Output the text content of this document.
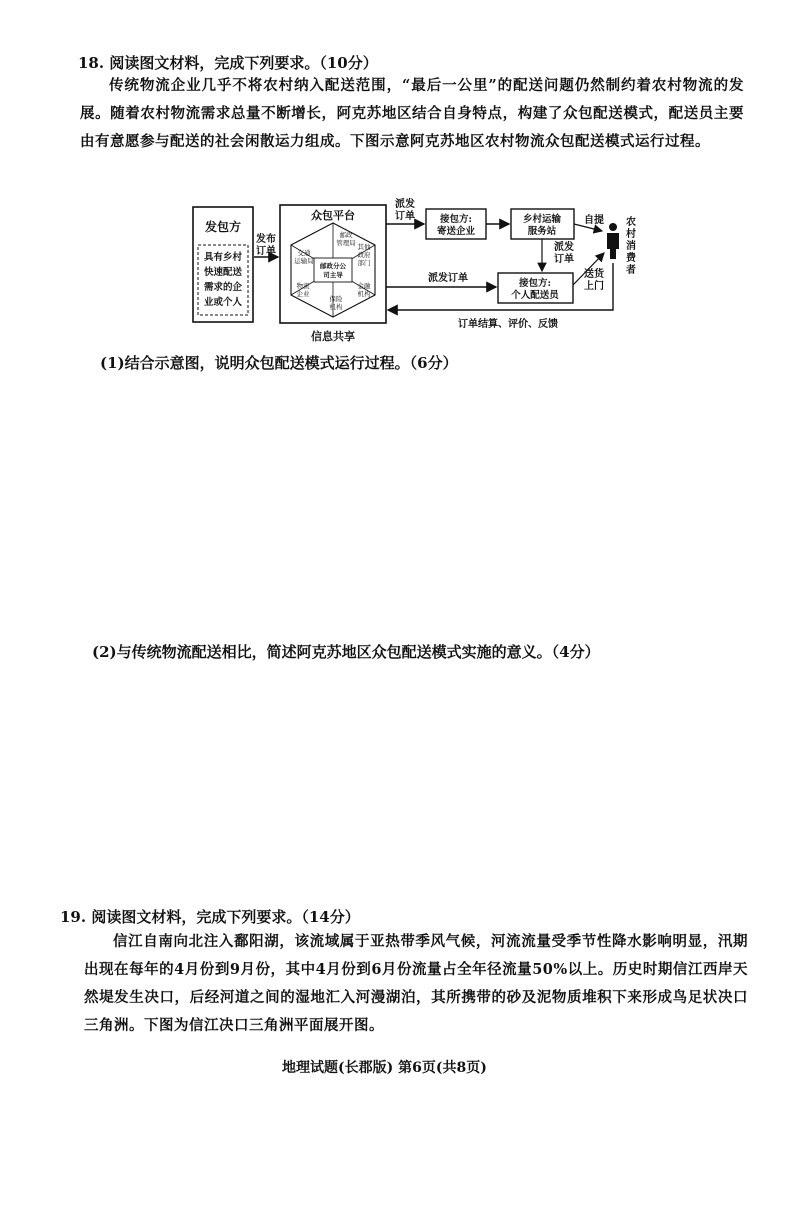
18. 阅读图文材料，完成下列要求。（10分）

传统物流企业几乎不将农村纳入配送范围，“最后一公里”的配送问题仍然制约着农村物流的发展。随着农村物流需求总量不断增长，阿克苏地区结合自身特点，构建了众包配送模式，配送员主要由有意愿参与配送的社会闲散运力组成。下图示意阿克苏地区农村物流众包配送模式运行过程。

发包方
具有乡村
快速配送
需求的企
业或个人
发布
订单
众包平台
邮政分公
司主导
邮政
管理局
交通
运输局
其他
政府
部门
物流
企业
金融
机构
保险
机构
信息共享
派发
订单	接包方:
寄送企业
乡村运输
服务站
自提
派发
订单
派发订单	接包方:
个人配送员
送货
上门
农
村
消
费
者
订单结算、评价、反馈
(1)结合示意图，说明众包配送模式运行过程。（6分）
(2)与传统物流配送相比，简述阿克苏地区众包配送模式实施的意义。（4分）
19. 阅读图文材料，完成下列要求。（14分）

信江自南向北注入鄱阳湖，该流域属于亚热带季风气候，河流流量受季节性降水影响明显，汛期出现在每年的4月份到9月份，其中4月份到6月份流量占全年径流量50%以上。历史时期信江西岸天然堤发生决口，后经河道之间的湿地汇入河漫湖泊，其所携带的砂及泥物质堆积下来形成鸟足状决口三角洲。下图为信江决口三角洲平面展开图。

地理试题(长郡版) 第6页(共8页)
